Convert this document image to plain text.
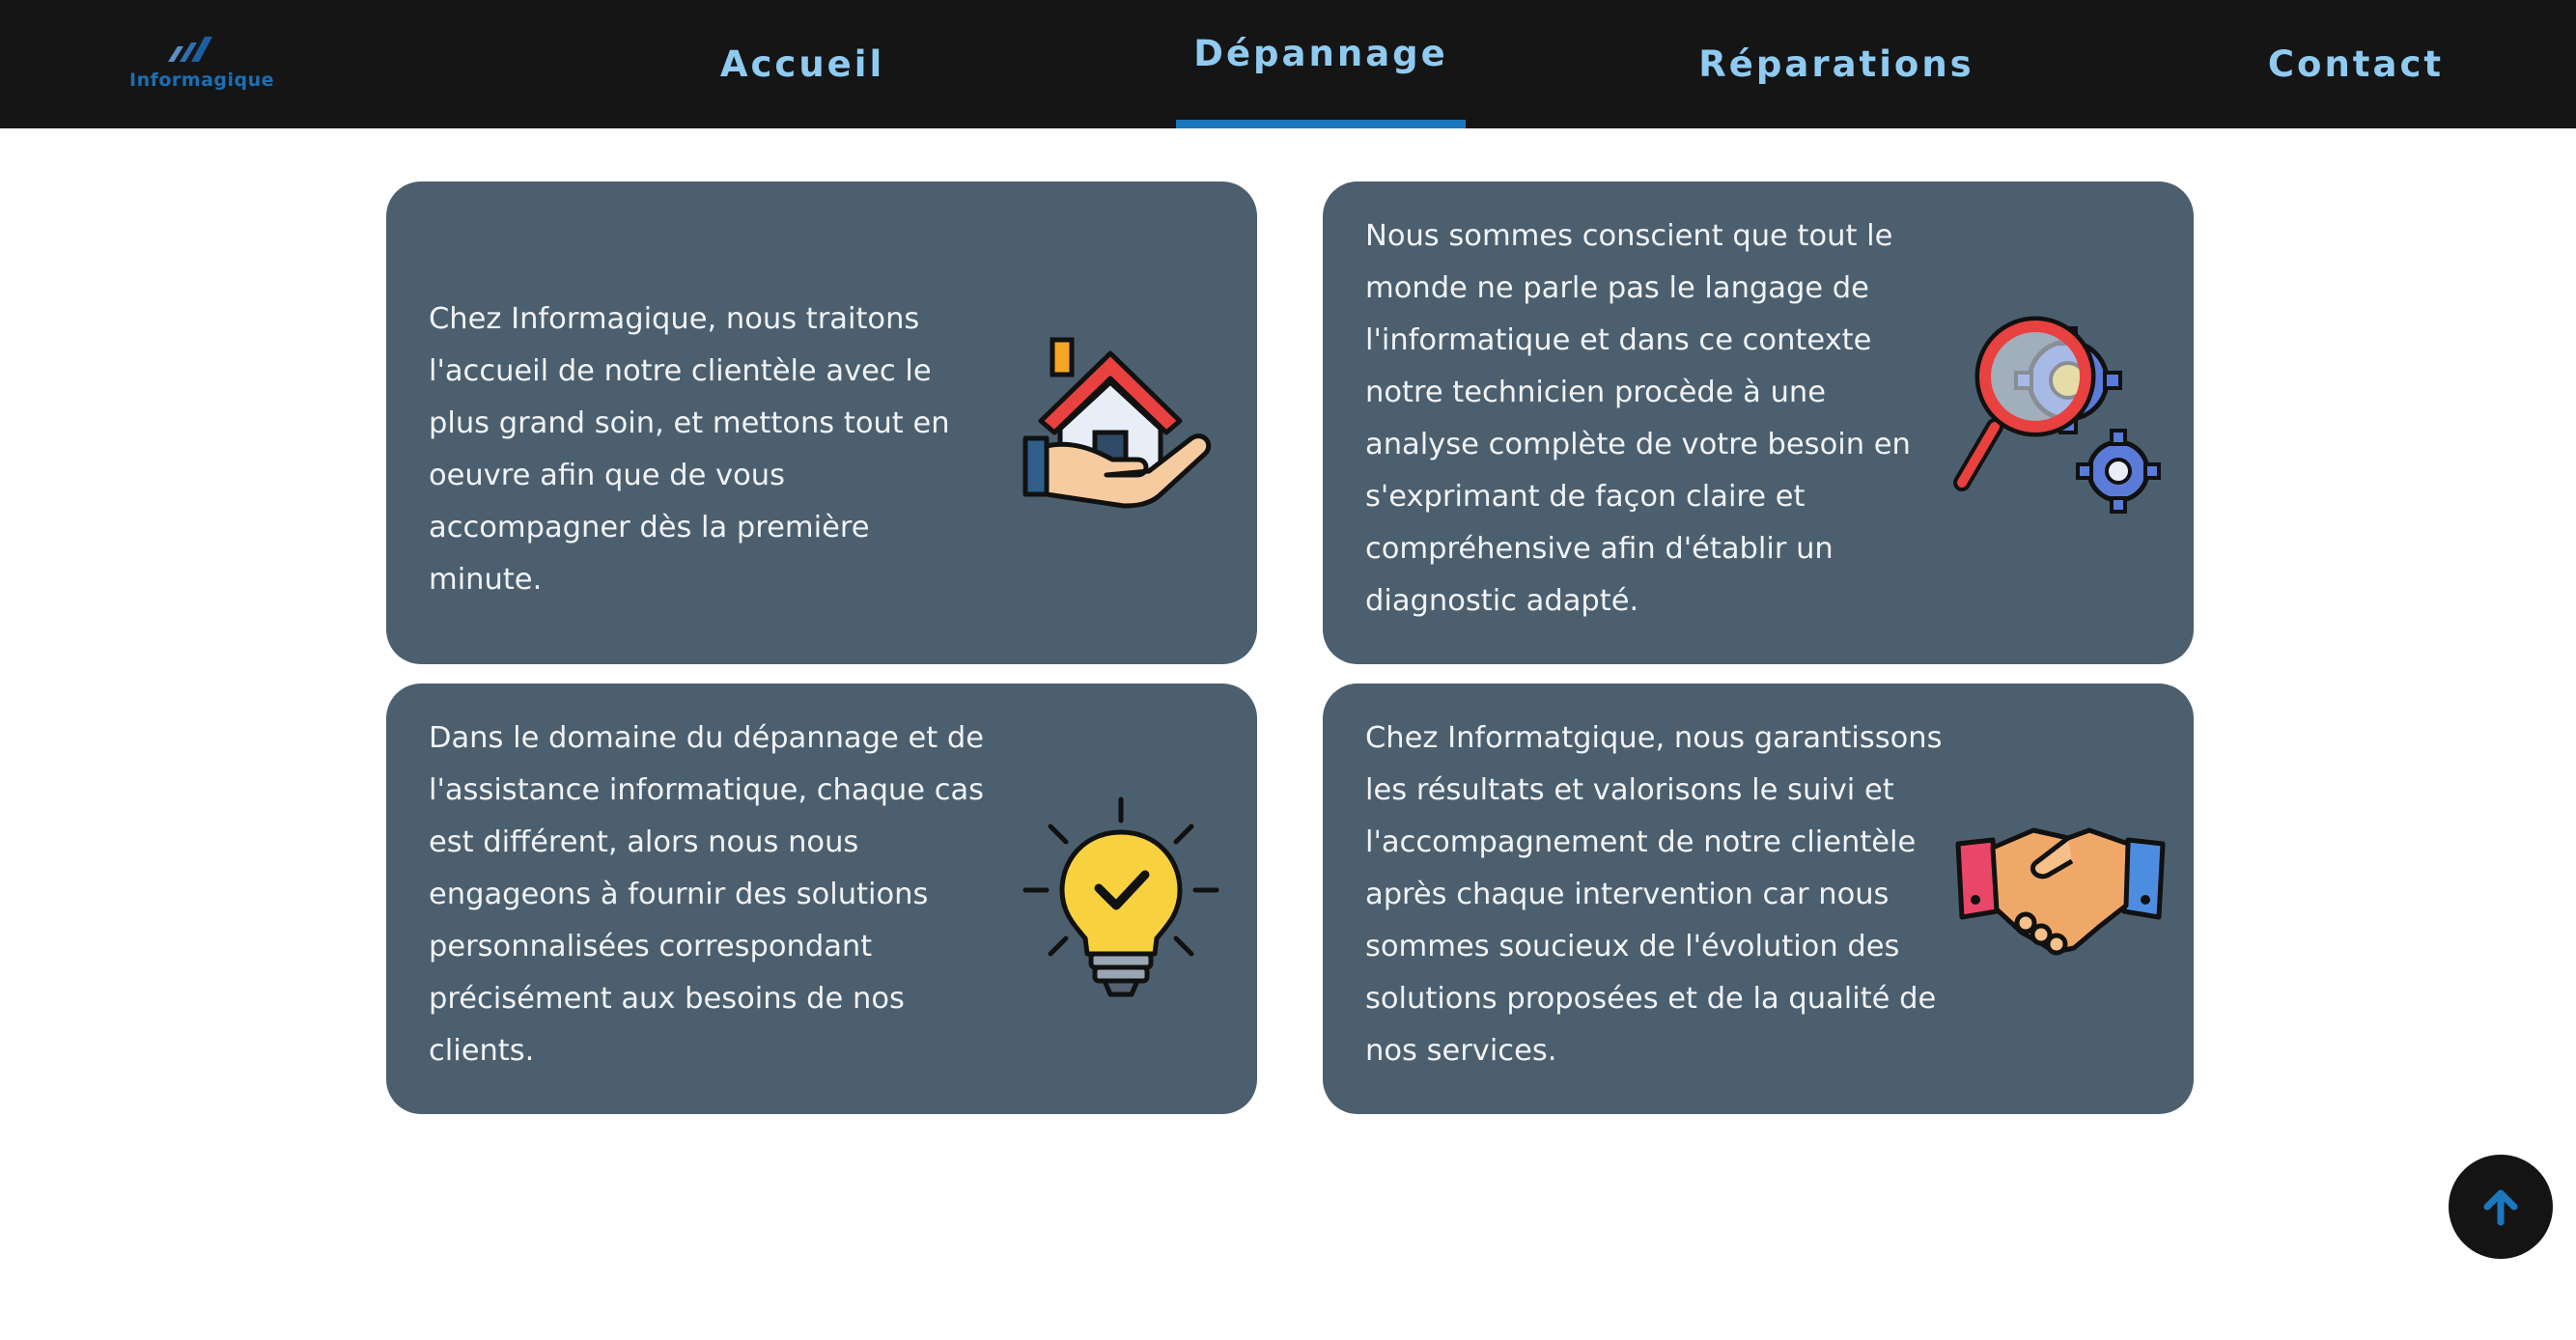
Informagique	Accueil	Dépannage	Réparations	Contact

Chez Informagique, nous traitons l'accueil de notre clientèle avec le plus grand soin, et mettons tout en oeuvre afin que de vous accompagner dès la première minute.

Nous sommes conscient que tout le monde ne parle pas le langage de l'informatique et dans ce contexte notre technicien procède à une analyse complète de votre besoin en s'exprimant de façon claire et compréhensive afin d'établir un diagnostic adapté.

Dans le domaine du dépannage et de l'assistance informatique, chaque cas est différent, alors nous nous engageons à fournir des solutions personnalisées correspondant précisément aux besoins de nos clients.

Chez Informatgique, nous garantissons les résultats et valorisons le suivi et l'accompagnement de notre clientèle après chaque intervention car nous sommes soucieux de l'évolution des solutions proposées et de la qualité de nos services.
